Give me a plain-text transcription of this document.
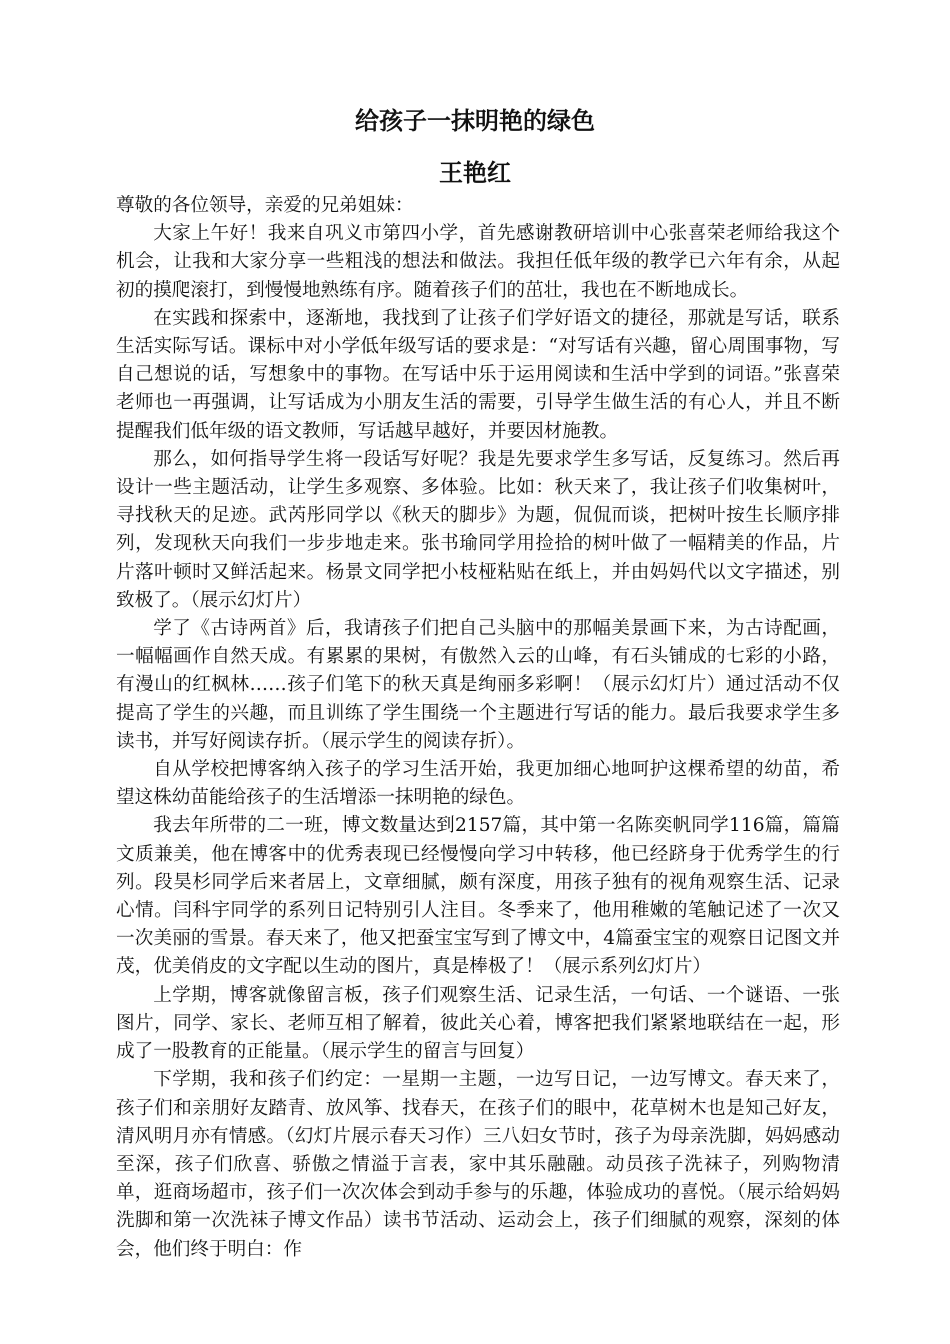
给孩子一抹明艳的绿色
王艳红

尊敬的各位领导，亲爱的兄弟姐妹：

大家上午好！我来自巩义市第四小学，首先感谢教研培训中心张喜荣老师给我这个机会，让我和大家分享一些粗浅的想法和做法。我担任低年级的教学已六年有余，从起初的摸爬滚打，到慢慢地熟练有序。随着孩子们的茁壮，我也在不断地成长。

在实践和探索中，逐渐地，我找到了让孩子们学好语文的捷径，那就是写话，联系生活实际写话。课标中对小学低年级写话的要求是：“对写话有兴趣，留心周围事物，写自己想说的话，写想象中的事物。在写话中乐于运用阅读和生活中学到的词语。”张喜荣老师也一再强调，让写话成为小朋友生活的需要，引导学生做生活的有心人，并且不断提醒我们低年级的语文教师，写话越早越好，并要因材施教。

那么，如何指导学生将一段话写好呢？我是先要求学生多写话，反复练习。然后再设计一些主题活动，让学生多观察、多体验。比如：秋天来了，我让孩子们收集树叶，寻找秋天的足迹。武芮彤同学以《秋天的脚步》为题，侃侃而谈，把树叶按生长顺序排列，发现秋天向我们一步步地走来。张书瑜同学用捡拾的树叶做了一幅精美的作品，片片落叶顿时又鲜活起来。杨景文同学把小枝桠粘贴在纸上，并由妈妈代以文字描述，别致极了。（展示幻灯片）

学了《古诗两首》后，我请孩子们把自己头脑中的那幅美景画下来，为古诗配画，一幅幅画作自然天成。有累累的果树，有傲然入云的山峰，有石头铺成的七彩的小路，有漫山的红枫林……孩子们笔下的秋天真是绚丽多彩啊！（展示幻灯片）通过活动不仅提高了学生的兴趣，而且训练了学生围绕一个主题进行写话的能力。最后我要求学生多读书，并写好阅读存折。（展示学生的阅读存折）。

自从学校把博客纳入孩子的学习生活开始，我更加细心地呵护这棵希望的幼苗，希望这株幼苗能给孩子的生活增添一抹明艳的绿色。

我去年所带的二一班，博文数量达到2157篇，其中第一名陈奕帆同学116篇，篇篇文质兼美，他在博客中的优秀表现已经慢慢向学习中转移，他已经跻身于优秀学生的行列。段昊杉同学后来者居上，文章细腻，颇有深度，用孩子独有的视角观察生活、记录心情。闫科宇同学的系列日记特别引人注目。冬季来了，他用稚嫩的笔触记述了一次又一次美丽的雪景。春天来了，他又把蚕宝宝写到了博文中，4篇蚕宝宝的观察日记图文并茂，优美俏皮的文字配以生动的图片，真是棒极了！（展示系列幻灯片）

上学期，博客就像留言板，孩子们观察生活、记录生活，一句话、一个谜语、一张图片，同学、家长、老师互相了解着，彼此关心着，博客把我们紧紧地联结在一起，形成了一股教育的正能量。（展示学生的留言与回复）

下学期，我和孩子们约定：一星期一主题，一边写日记，一边写博文。春天来了，孩子们和亲朋好友踏青、放风筝、找春天，在孩子们的眼中，花草树木也是知己好友，清风明月亦有情感。（幻灯片展示春天习作）三八妇女节时，孩子为母亲洗脚，妈妈感动至深，孩子们欣喜、骄傲之情溢于言表，家中其乐融融。动员孩子洗袜子，列购物清单，逛商场超市，孩子们一次次体会到动手参与的乐趣，体验成功的喜悦。（展示给妈妈洗脚和第一次洗袜子博文作品）读书节活动、运动会上，孩子们细腻的观察，深刻的体会，他们终于明白：作
